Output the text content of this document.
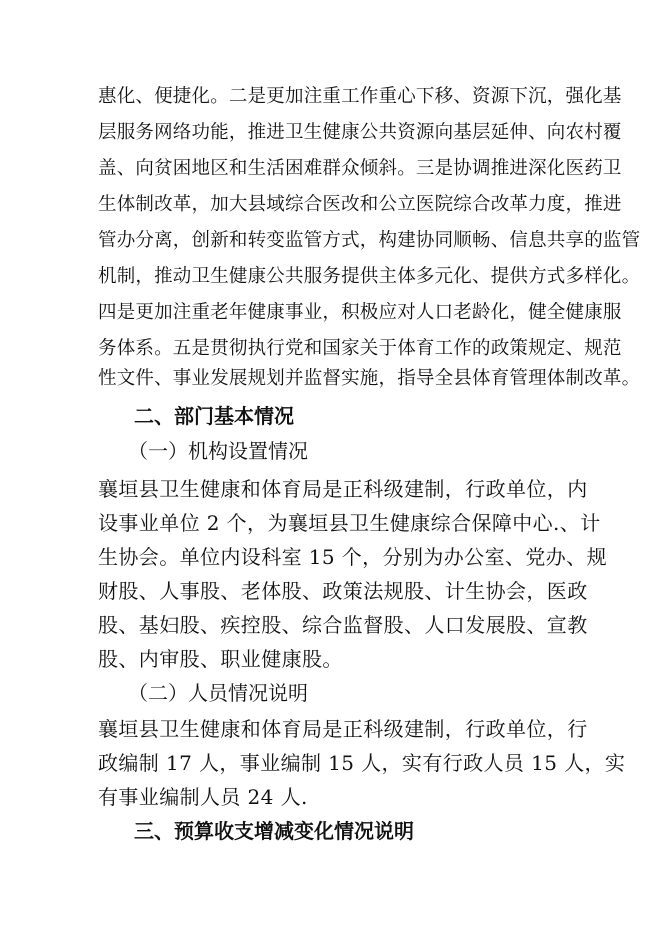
惠化、便捷化。二是更加注重工作重心下移、资源下沉，强化基
层服务网络功能，推进卫生健康公共资源向基层延伸、向农村覆
盖、向贫困地区和生活困难群众倾斜。三是协调推进深化医药卫
生体制改革，加大县域综合医改和公立医院综合改革力度，推进
管办分离，创新和转变监管方式，构建协同顺畅、信息共享的监管
机制，推动卫生健康公共服务提供主体多元化、提供方式多样化。
四是更加注重老年健康事业，积极应对人口老龄化，健全健康服
务体系。五是贯彻执行党和国家关于体育工作的政策规定、规范
性文件、事业发展规划并监督实施，指导全县体育管理体制改革。
二、部门基本情况
（一）机构设置情况
襄垣县卫生健康和体育局是正科级建制，行政单位，内
设事业单位 2 个，为襄垣县卫生健康综合保障中心.、计
生协会。单位内设科室 15 个，分别为办公室、党办、规
财股、人事股、老体股、政策法规股、计生协会，医政
股、基妇股、疾控股、综合监督股、人口发展股、宣教
股、内审股、职业健康股。
（二）人员情况说明
襄垣县卫生健康和体育局是正科级建制，行政单位，行
政编制 17 人，事业编制 15 人，实有行政人员 15 人，实
有事业编制人员 24 人.
三、预算收支增减变化情况说明
